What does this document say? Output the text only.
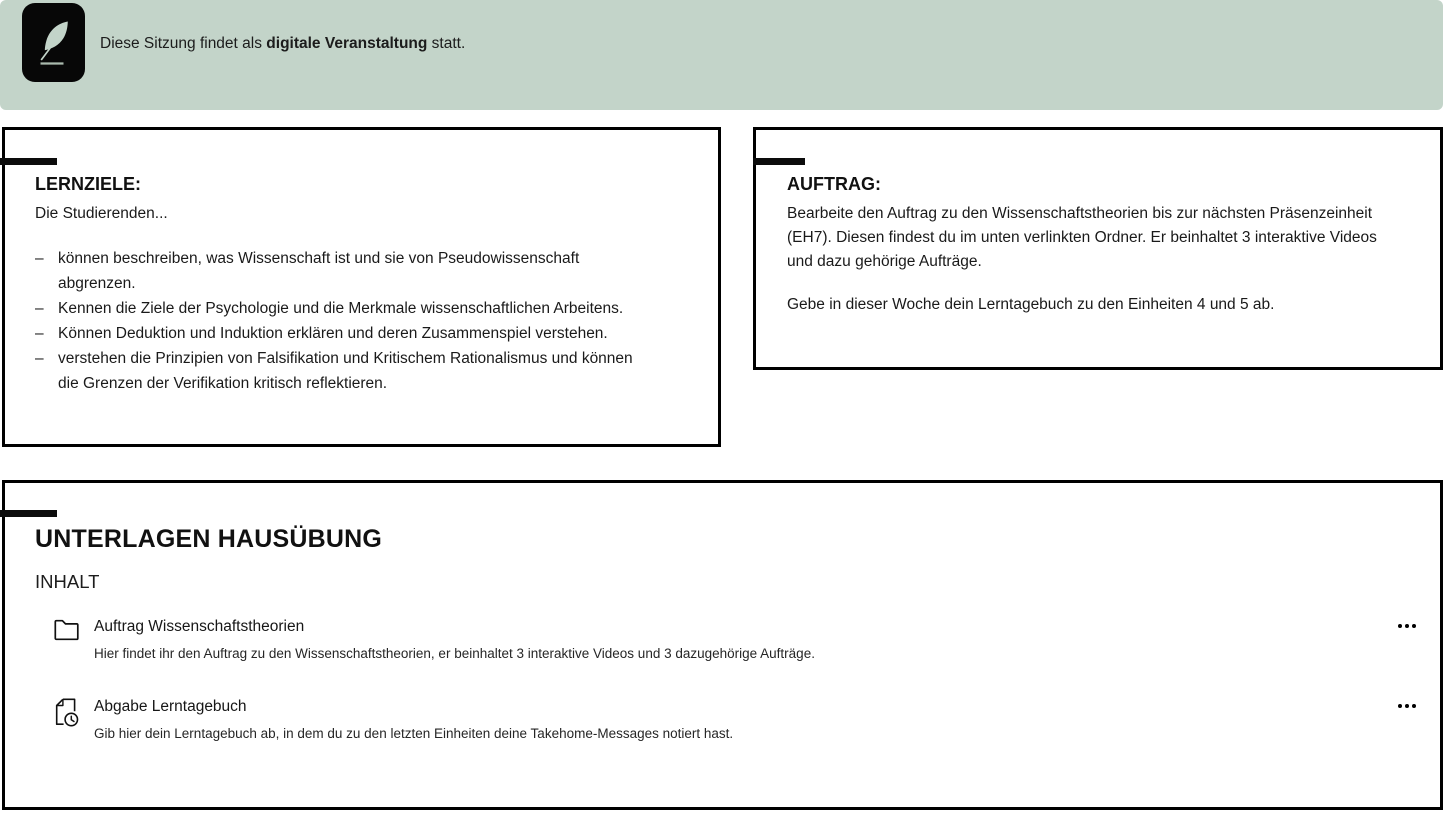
Diese Sitzung findet als digitale Veranstaltung statt.
LERNZIELE:

Die Studierenden...

– können beschreiben, was Wissenschaft ist und sie von Pseudowissenschaft abgrenzen.
– Kennen die Ziele der Psychologie und die Merkmale wissenschaftlichen Arbeitens.
– Können Deduktion und Induktion erklären und deren Zusammenspiel verstehen.
– verstehen die Prinzipien von Falsifikation und Kritischem Rationalismus und können die Grenzen der Verifikation kritisch reflektieren.
AUFTRAG:

Bearbeite den Auftrag zu den Wissenschaftstheorien bis zur nächsten Präsenzeinheit (EH7). Diesen findest du im unten verlinkten Ordner. Er beinhaltet 3 interaktive Videos und dazu gehörige Aufträge.

Gebe in dieser Woche dein Lerntagebuch zu den Einheiten 4 und 5 ab.

UNTERLAGEN HAUSÜBUNG
INHALT
Auftrag Wissenschaftstheorien
Hier findet ihr den Auftrag zu den Wissenschaftstheorien, er beinhaltet 3 interaktive Videos und 3 dazugehörige Aufträge.
Abgabe Lerntagebuch
Gib hier dein Lerntagebuch ab, in dem du zu den letzten Einheiten deine Takehome-Messages notiert hast.
